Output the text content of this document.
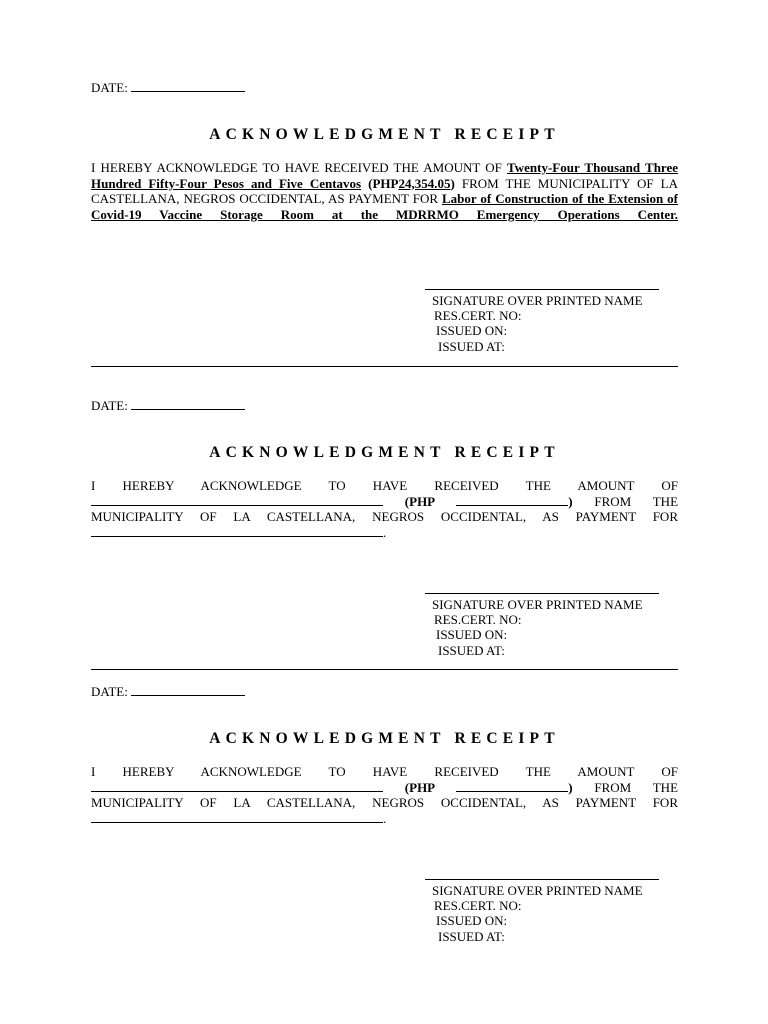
DATE:
ACKNOWLEDGMENT RECEIPT
I HEREBY ACKNOWLEDGE TO HAVE RECEIVED THE AMOUNT OF Twenty-Four Thousand Three Hundred Fifty-Four Pesos and Five Centavos (PHP24,354.05) FROM THE MUNICIPALITY OF LA CASTELLANA, NEGROS OCCIDENTAL, AS PAYMENT FOR Labor of Construction of the Extension of Covid-19 Vaccine Storage Room at the MDRRMO Emergency Operations Center.
SIGNATURE OVER PRINTED NAME
RES.CERT. NO:
ISSUED ON:
ISSUED AT:
DATE:
ACKNOWLEDGMENT RECEIPT
I HEREBY ACKNOWLEDGE TO HAVE RECEIVED THE AMOUNT OF
(PHP	) FROM THE
MUNICIPALITY OF LA CASTELLANA, NEGROS OCCIDENTAL, AS PAYMENT FOR
.
SIGNATURE OVER PRINTED NAME
RES.CERT. NO:
ISSUED ON:
ISSUED AT:
DATE:
ACKNOWLEDGMENT RECEIPT
I HEREBY ACKNOWLEDGE TO HAVE RECEIVED THE AMOUNT OF
(PHP	) FROM THE
MUNICIPALITY OF LA CASTELLANA, NEGROS OCCIDENTAL, AS PAYMENT FOR
.
SIGNATURE OVER PRINTED NAME
RES.CERT. NO:
ISSUED ON:
ISSUED AT:
